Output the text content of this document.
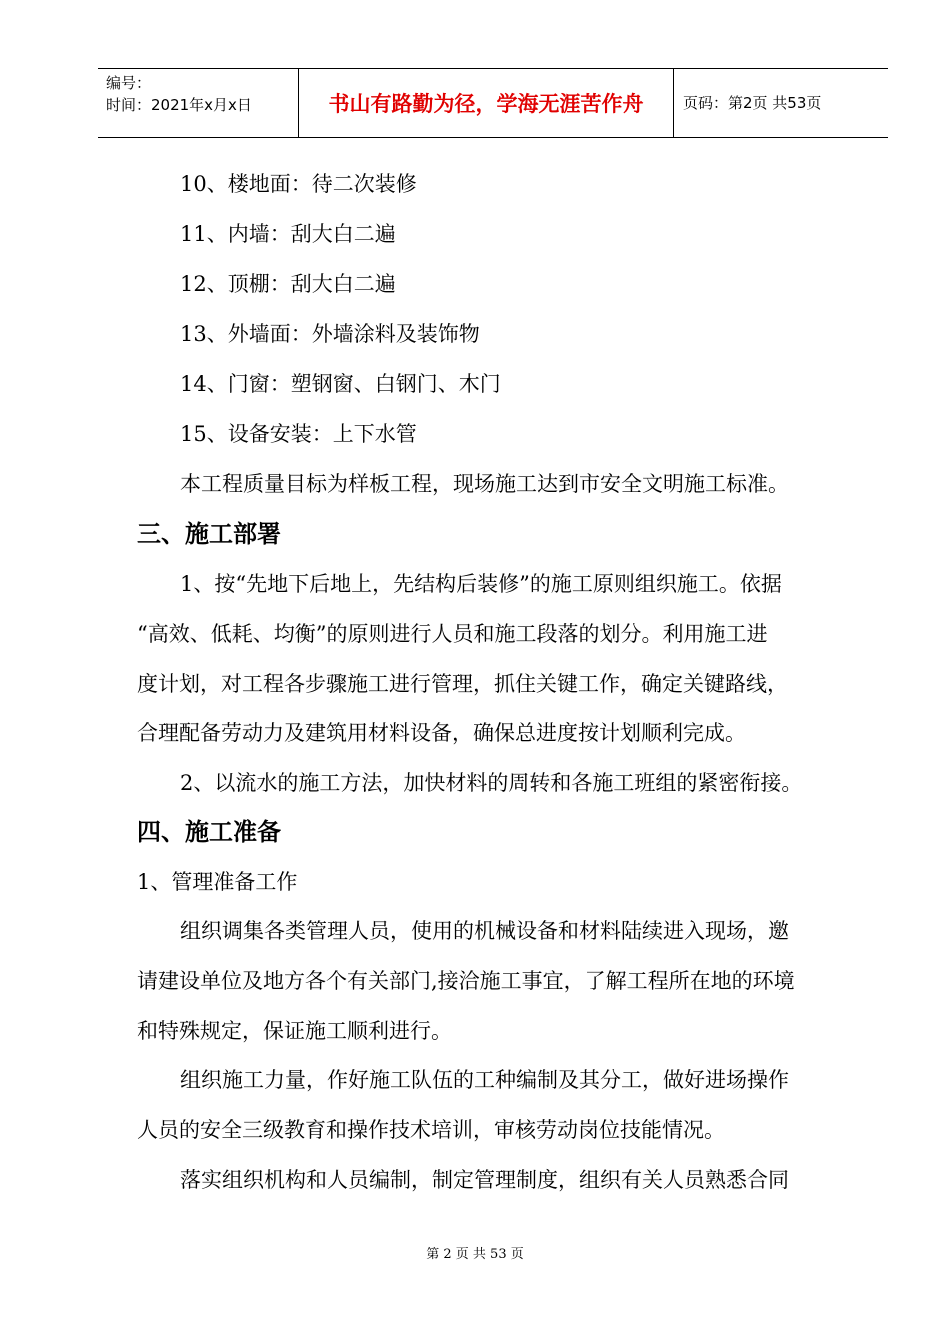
编号：
时间：2021年x月x日	书山有路勤为径，学海无涯苦作舟	页码：第2页 共53页
10、楼地面：待二次装修
11、内墙：刮大白二遍
12、顶棚：刮大白二遍
13、外墙面：外墙涂料及装饰物
14、门窗：塑钢窗、白钢门、木门
15、设备安装：上下水管
本工程质量目标为样板工程，现场施工达到市安全文明施工标准。
三、施工部署
1、按“先地下后地上，先结构后装修”的施工原则组织施工。依据
“高效、低耗、均衡”的原则进行人员和施工段落的划分。利用施工进
度计划，对工程各步骤施工进行管理，抓住关键工作，确定关键路线，
合理配备劳动力及建筑用材料设备，确保总进度按计划顺利完成。
2、以流水的施工方法，加快材料的周转和各施工班组的紧密衔接。
四、施工准备
1、管理准备工作
组织调集各类管理人员，使用的机械设备和材料陆续进入现场，邀
请建设单位及地方各个有关部门,接洽施工事宜，了解工程所在地的环境
和特殊规定，保证施工顺利进行。
组织施工力量，作好施工队伍的工种编制及其分工，做好进场操作
人员的安全三级教育和操作技术培训，审核劳动岗位技能情况。
落实组织机构和人员编制，制定管理制度，组织有关人员熟悉合同
第 2 页 共 53 页
